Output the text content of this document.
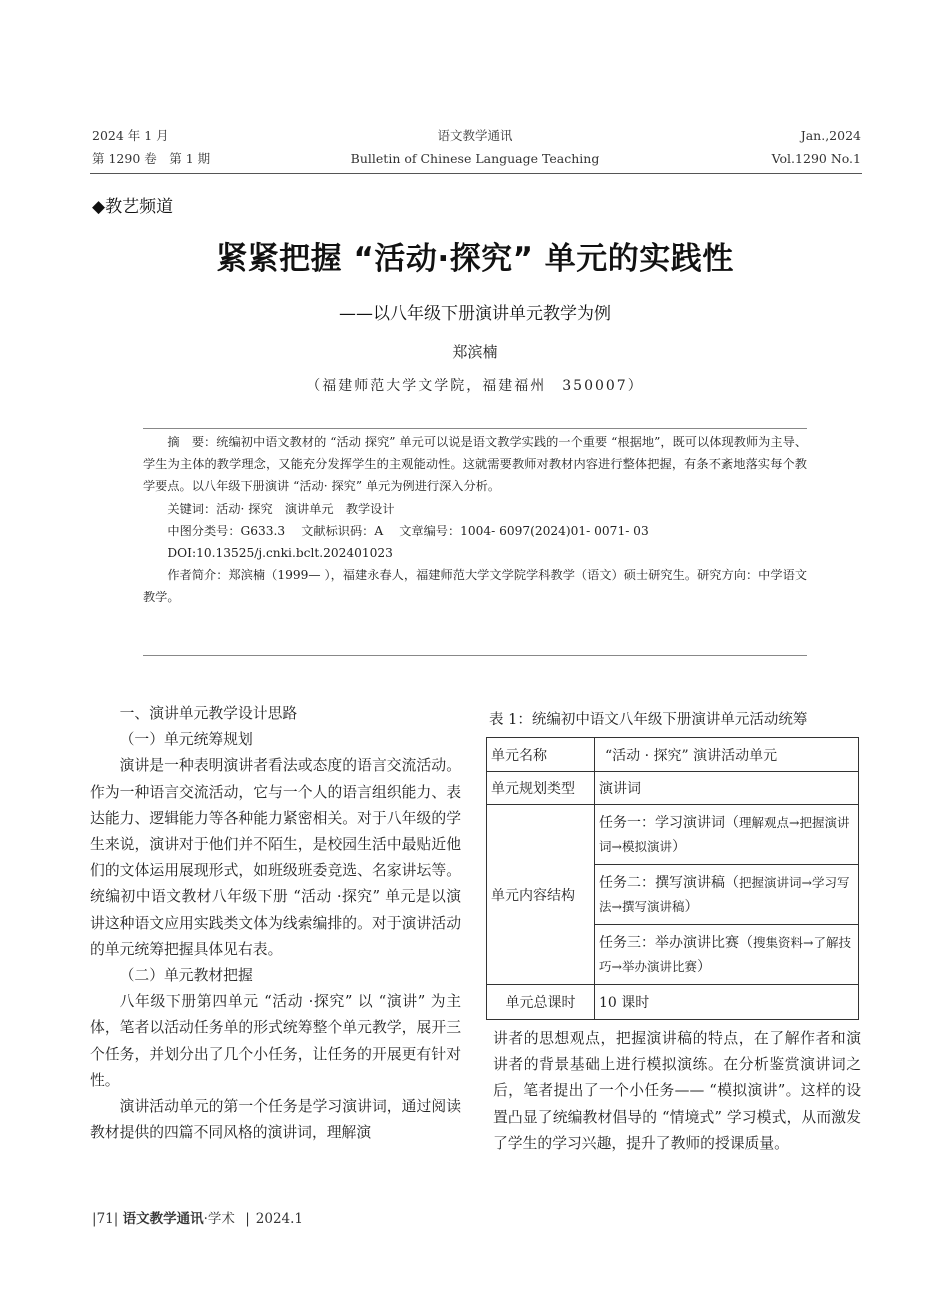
2024 年 1 月	语文教学通讯	Jan.,2024
第 1290 卷　第 1 期	Bulletin of Chinese Language Teaching	Vol.1290 No.1
◆教艺频道
紧紧把握 “活动·探究” 单元的实践性
——以八年级下册演讲单元教学为例
郑滨楠
（福建师范大学文学院，福建福州　350007）

摘　要：统编初中语文教材的 “活动 探究” 单元可以说是语文教学实践的一个重要 “根据地”，既可以体现教师为主导、学生为主体的教学理念，又能充分发挥学生的主观能动性。这就需要教师对教材内容进行整体把握，有条不紊地落实每个教学要点。以八年级下册演讲 “活动· 探究” 单元为例进行深入分析。

关键词：活动· 探究　演讲单元　教学设计

中图分类号：G633.3　 文献标识码：A　 文章编号：1004- 6097(2024)01- 0071- 03

DOI:10.13525/j.cnki.bclt.202401023

作者简介：郑滨楠（1999— ），福建永春人，福建师范大学文学院学科教学（语文）硕士研究生。研究方向：中学语文教学。

一、演讲单元教学设计思路

（一）单元统筹规划

演讲是一种表明演讲者看法或态度的语言交流活动。作为一种语言交流活动，它与一个人的语言组织能力、表达能力、逻辑能力等各种能力紧密相关。对于八年级的学生来说，演讲对于他们并不陌生，是校园生活中最贴近他们的文体运用展现形式，如班级班委竞选、名家讲坛等。统编初中语文教材八年级下册 “活动 ·探究” 单元是以演讲这种语文应用实践类文体为线索编排的。对于演讲活动的单元统筹把握具体见右表。

（二）单元教材把握

八年级下册第四单元 “活动 ·探究” 以 “演讲” 为主体，笔者以活动任务单的形式统筹整个单元教学，展开三个任务，并划分出了几个小任务，让任务的开展更有针对性。

演讲活动单元的第一个任务是学习演讲词，通过阅读教材提供的四篇不同风格的演讲词，理解演

表 1：统编初中语文八年级下册演讲单元活动统筹
单元名称	“活动 · 探究” 演讲活动单元
单元规划类型	演讲词
单元内容结构	任务一：学习演讲词（理解观点→把握演讲词→模拟演讲）
	任务二：撰写演讲稿（把握演讲词→学习写法→撰写演讲稿）
	任务三：举办演讲比赛（搜集资料→了解技巧→举办演讲比赛）
单元总课时	10 课时

讲者的思想观点，把握演讲稿的特点，在了解作者和演讲者的背景基础上进行模拟演练。在分析鉴赏演讲词之后，笔者提出了一个小任务—— “模拟演讲”。这样的设置凸显了统编教材倡导的 “情境式” 学习模式，从而激发了学生的学习兴趣，提升了教师的授课质量。

|71| 语文教学通讯·学术 | 2024.1
